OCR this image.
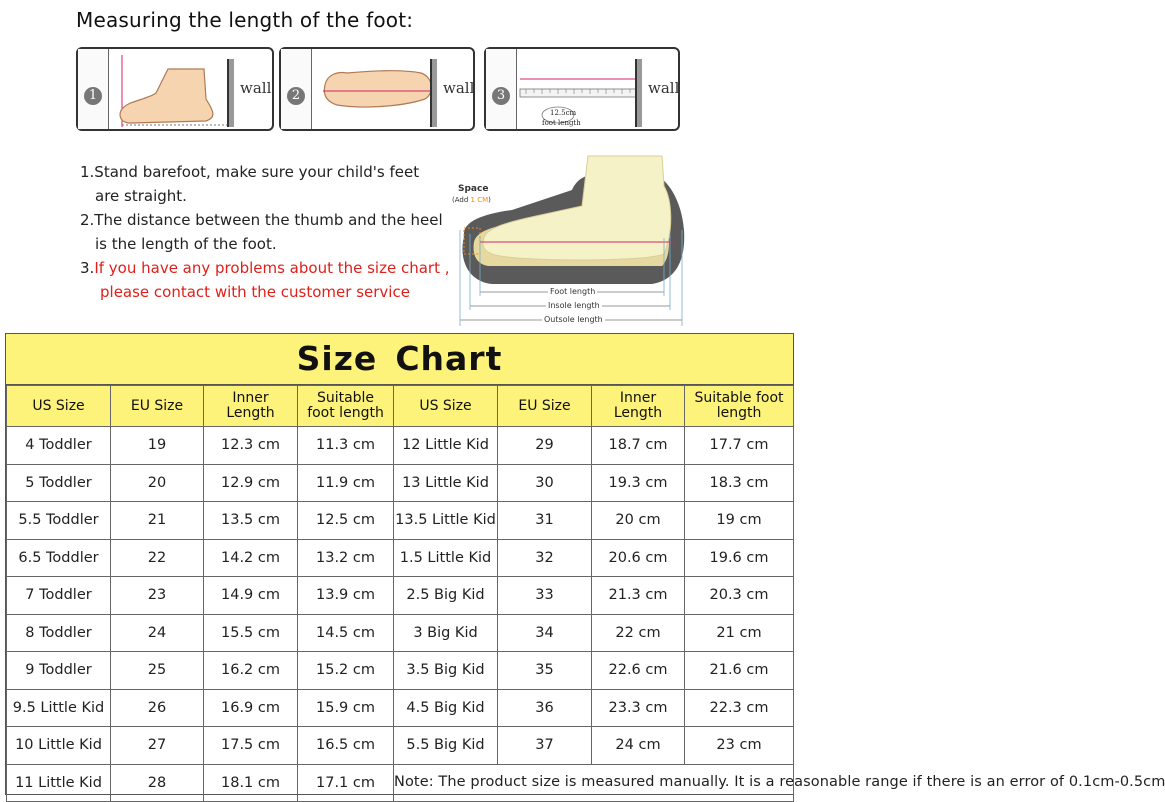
Measuring the length of the foot:
1	wall	2	wall	3
12.5cm
foot length
wall
1.Stand barefoot, make sure your child's feet
are straight.
2.The distance between the thumb and the heel
is the length of the foot.
3.If you have any problems about the size chart ,
please contact with the customer service
Space
(Add 1 CM)
Foot length
Insole length
Outsole length
Size Chart
US Size	EU Size	Inner Length	Suitable foot length	US Size	EU Size	Inner Length	Suitable foot length
4 Toddler	19	12.3 cm	11.3 cm	12 Little Kid	29	18.7 cm	17.7 cm
5 Toddler	20	12.9 cm	11.9 cm	13 Little Kid	30	19.3 cm	18.3 cm
5.5 Toddler	21	13.5 cm	12.5 cm	13.5 Little Kid	31	20 cm	19 cm
6.5 Toddler	22	14.2 cm	13.2 cm	1.5 Little Kid	32	20.6 cm	19.6 cm
7 Toddler	23	14.9 cm	13.9 cm	2.5 Big Kid	33	21.3 cm	20.3 cm
8 Toddler	24	15.5 cm	14.5 cm	3 Big Kid	34	22 cm	21 cm
9 Toddler	25	16.2 cm	15.2 cm	3.5 Big Kid	35	22.6 cm	21.6 cm
9.5 Little Kid	26	16.9 cm	15.9 cm	4.5 Big Kid	36	23.3 cm	22.3 cm
10 Little Kid	27	17.5 cm	16.5 cm	5.5 Big Kid	37	24 cm	23 cm
11 Little Kid	28	18.1 cm	17.1 cm	Note: The product size is measured manually. It is a reasonable range if there is an error of 0.1cm-0.5cm			
